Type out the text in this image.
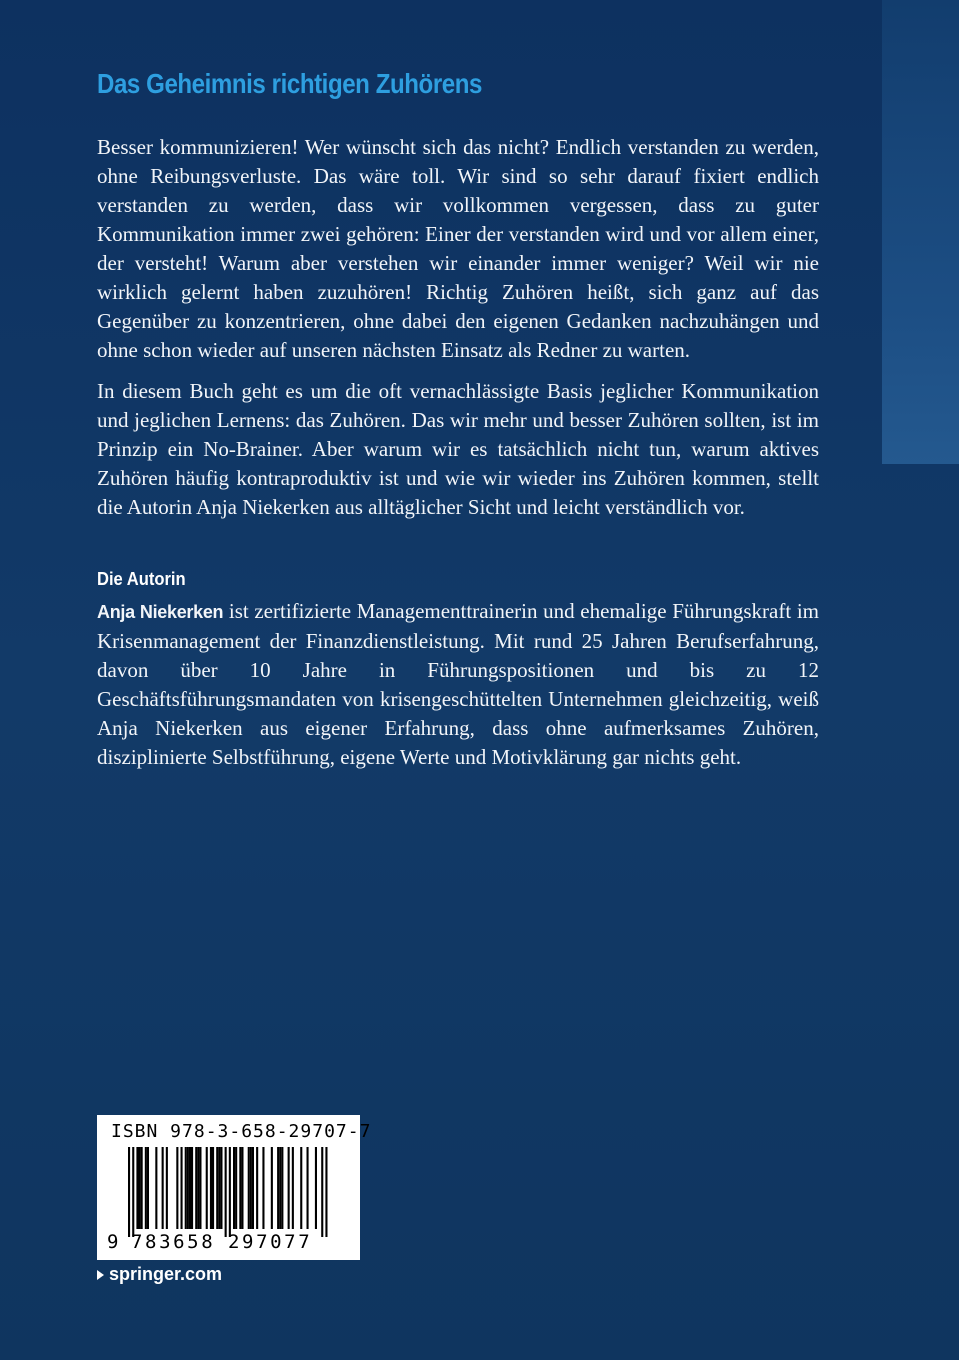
Das Geheimnis richtigen Zuhörens

Besser kommunizieren! Wer wünscht sich das nicht? Endlich verstanden zu werden, ohne Reibungsverluste. Das wäre toll. Wir sind so sehr darauf fixiert endlich verstanden zu werden, dass wir vollkommen vergessen, dass zu guter Kommunikation immer zwei gehören: Einer der verstanden wird und vor allem einer, der versteht! Warum aber verstehen wir einander immer weniger? Weil wir nie wirklich gelernt haben zuzuhören! Richtig Zuhören heißt, sich ganz auf das Gegenüber zu konzentrieren, ohne dabei den eigenen Gedanken nachzuhängen und ohne schon wieder auf unseren nächsten Einsatz als Redner zu warten.

In diesem Buch geht es um die oft vernachlässigte Basis jeglicher Kommunikation und jeglichen Lernens: das Zuhören. Das wir mehr und besser Zuhören sollten, ist im Prinzip ein No-Brainer. Aber warum wir es tatsächlich nicht tun, warum aktives Zuhören häufig kontraproduktiv ist und wie wir wieder ins Zuhören kommen, stellt die Autorin Anja Niekerken aus alltäglicher Sicht und leicht verständlich vor.

Die Autorin

Anja Niekerken ist zertifizierte Managementtrainerin und ehemalige Führungskraft im Krisenmanagement der Finanzdienstleistung. Mit rund 25 Jahren Berufserfahrung, davon über 10 Jahre in Führungspositionen und bis zu 12 Geschäftsführungsmandaten von krisengeschüttelten Unternehmen gleichzeitig, weiß Anja Niekerken aus eigener Erfahrung, dass ohne aufmerksames Zuhören, disziplinierte Selbstführung, eigene Werte und Motivklärung gar nichts geht.

ISBN 978-3-658-29707-7
9 783658 297077
springer.com
